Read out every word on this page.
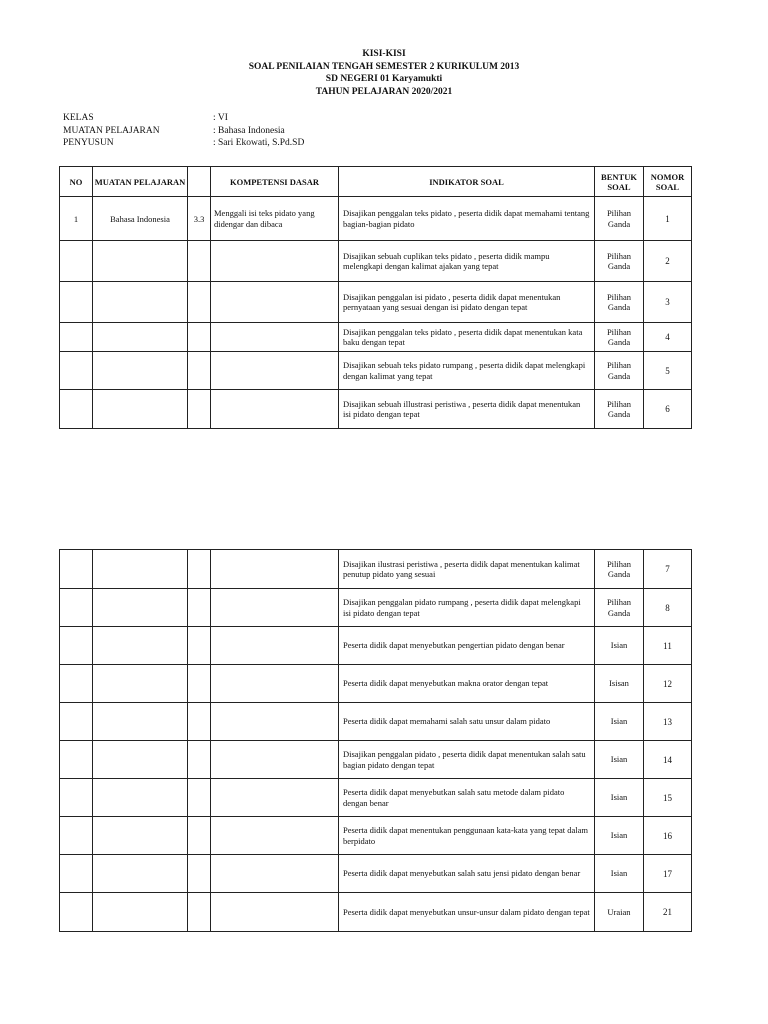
KISI-KISI
SOAL PENILAIAN TENGAH SEMESTER 2 KURIKULUM 2013
SD NEGERI 01 Karyamukti
TAHUN PELAJARAN 2020/2021
KELAS	: VI
MUATAN PELAJARAN	: Bahasa Indonesia
PENYUSUN	: Sari Ekowati, S.Pd.SD
NO	MUATAN PELAJARAN		KOMPETENSI DASAR	INDIKATOR SOAL	BENTUK SOAL	NOMOR SOAL
1	Bahasa Indonesia	3.3	Menggali isi teks pidato yang didengar dan dibaca	Disajikan penggalan teks pidato , peserta didik dapat memahami tentang bagian-bagian pidato	Pilihan Ganda	1
				Disajikan sebuah cuplikan teks pidato , peserta didik mampu melengkapi dengan kalimat ajakan yang tepat	Pilihan Ganda	2
				Disajikan penggalan isi pidato , peserta didik dapat menentukan pernyataan yang sesuai dengan isi pidato dengan tepat	Pilihan Ganda	3
				Disajikan penggalan teks pidato , peserta didik dapat menentukan kata baku dengan tepat	Pilihan Ganda	4
				Disajikan sebuah teks pidato rumpang , peserta didik dapat melengkapi dengan kalimat yang tepat	Pilihan Ganda	5
				Disajikan sebuah illustrasi peristiwa , peserta didik dapat menentukan isi pidato dengan tepat	Pilihan Ganda	6
				Disajikan ilustrasi peristiwa , peserta didik dapat menentukan kalimat penutup pidato yang sesuai	Pilihan Ganda	7
				Disajikan penggalan pidato rumpang , peserta didik dapat melengkapi isi pidato dengan tepat	Pilihan Ganda	8
				Peserta didik dapat menyebutkan pengertian pidato dengan benar	Isian	11
				Peserta didik dapat menyebutkan makna orator dengan tepat	Isisan	12
				Peserta didik dapat memahami salah satu unsur dalam pidato	Isian	13
				Disajikan penggalan pidato , peserta didik dapat menentukan salah satu bagian pidato dengan tepat	Isian	14
				Peserta didik dapat menyebutkan salah satu metode dalam pidato dengan benar	Isian	15
				Peserta didik dapat menentukan penggunaan kata-kata yang tepat dalam berpidato	Isian	16
				Peserta didik dapat menyebutkan salah satu jensi pidato dengan benar	Isian	17
				Peserta didik dapat menyebutkan unsur-unsur dalam pidato dengan tepat	Uraian	21
